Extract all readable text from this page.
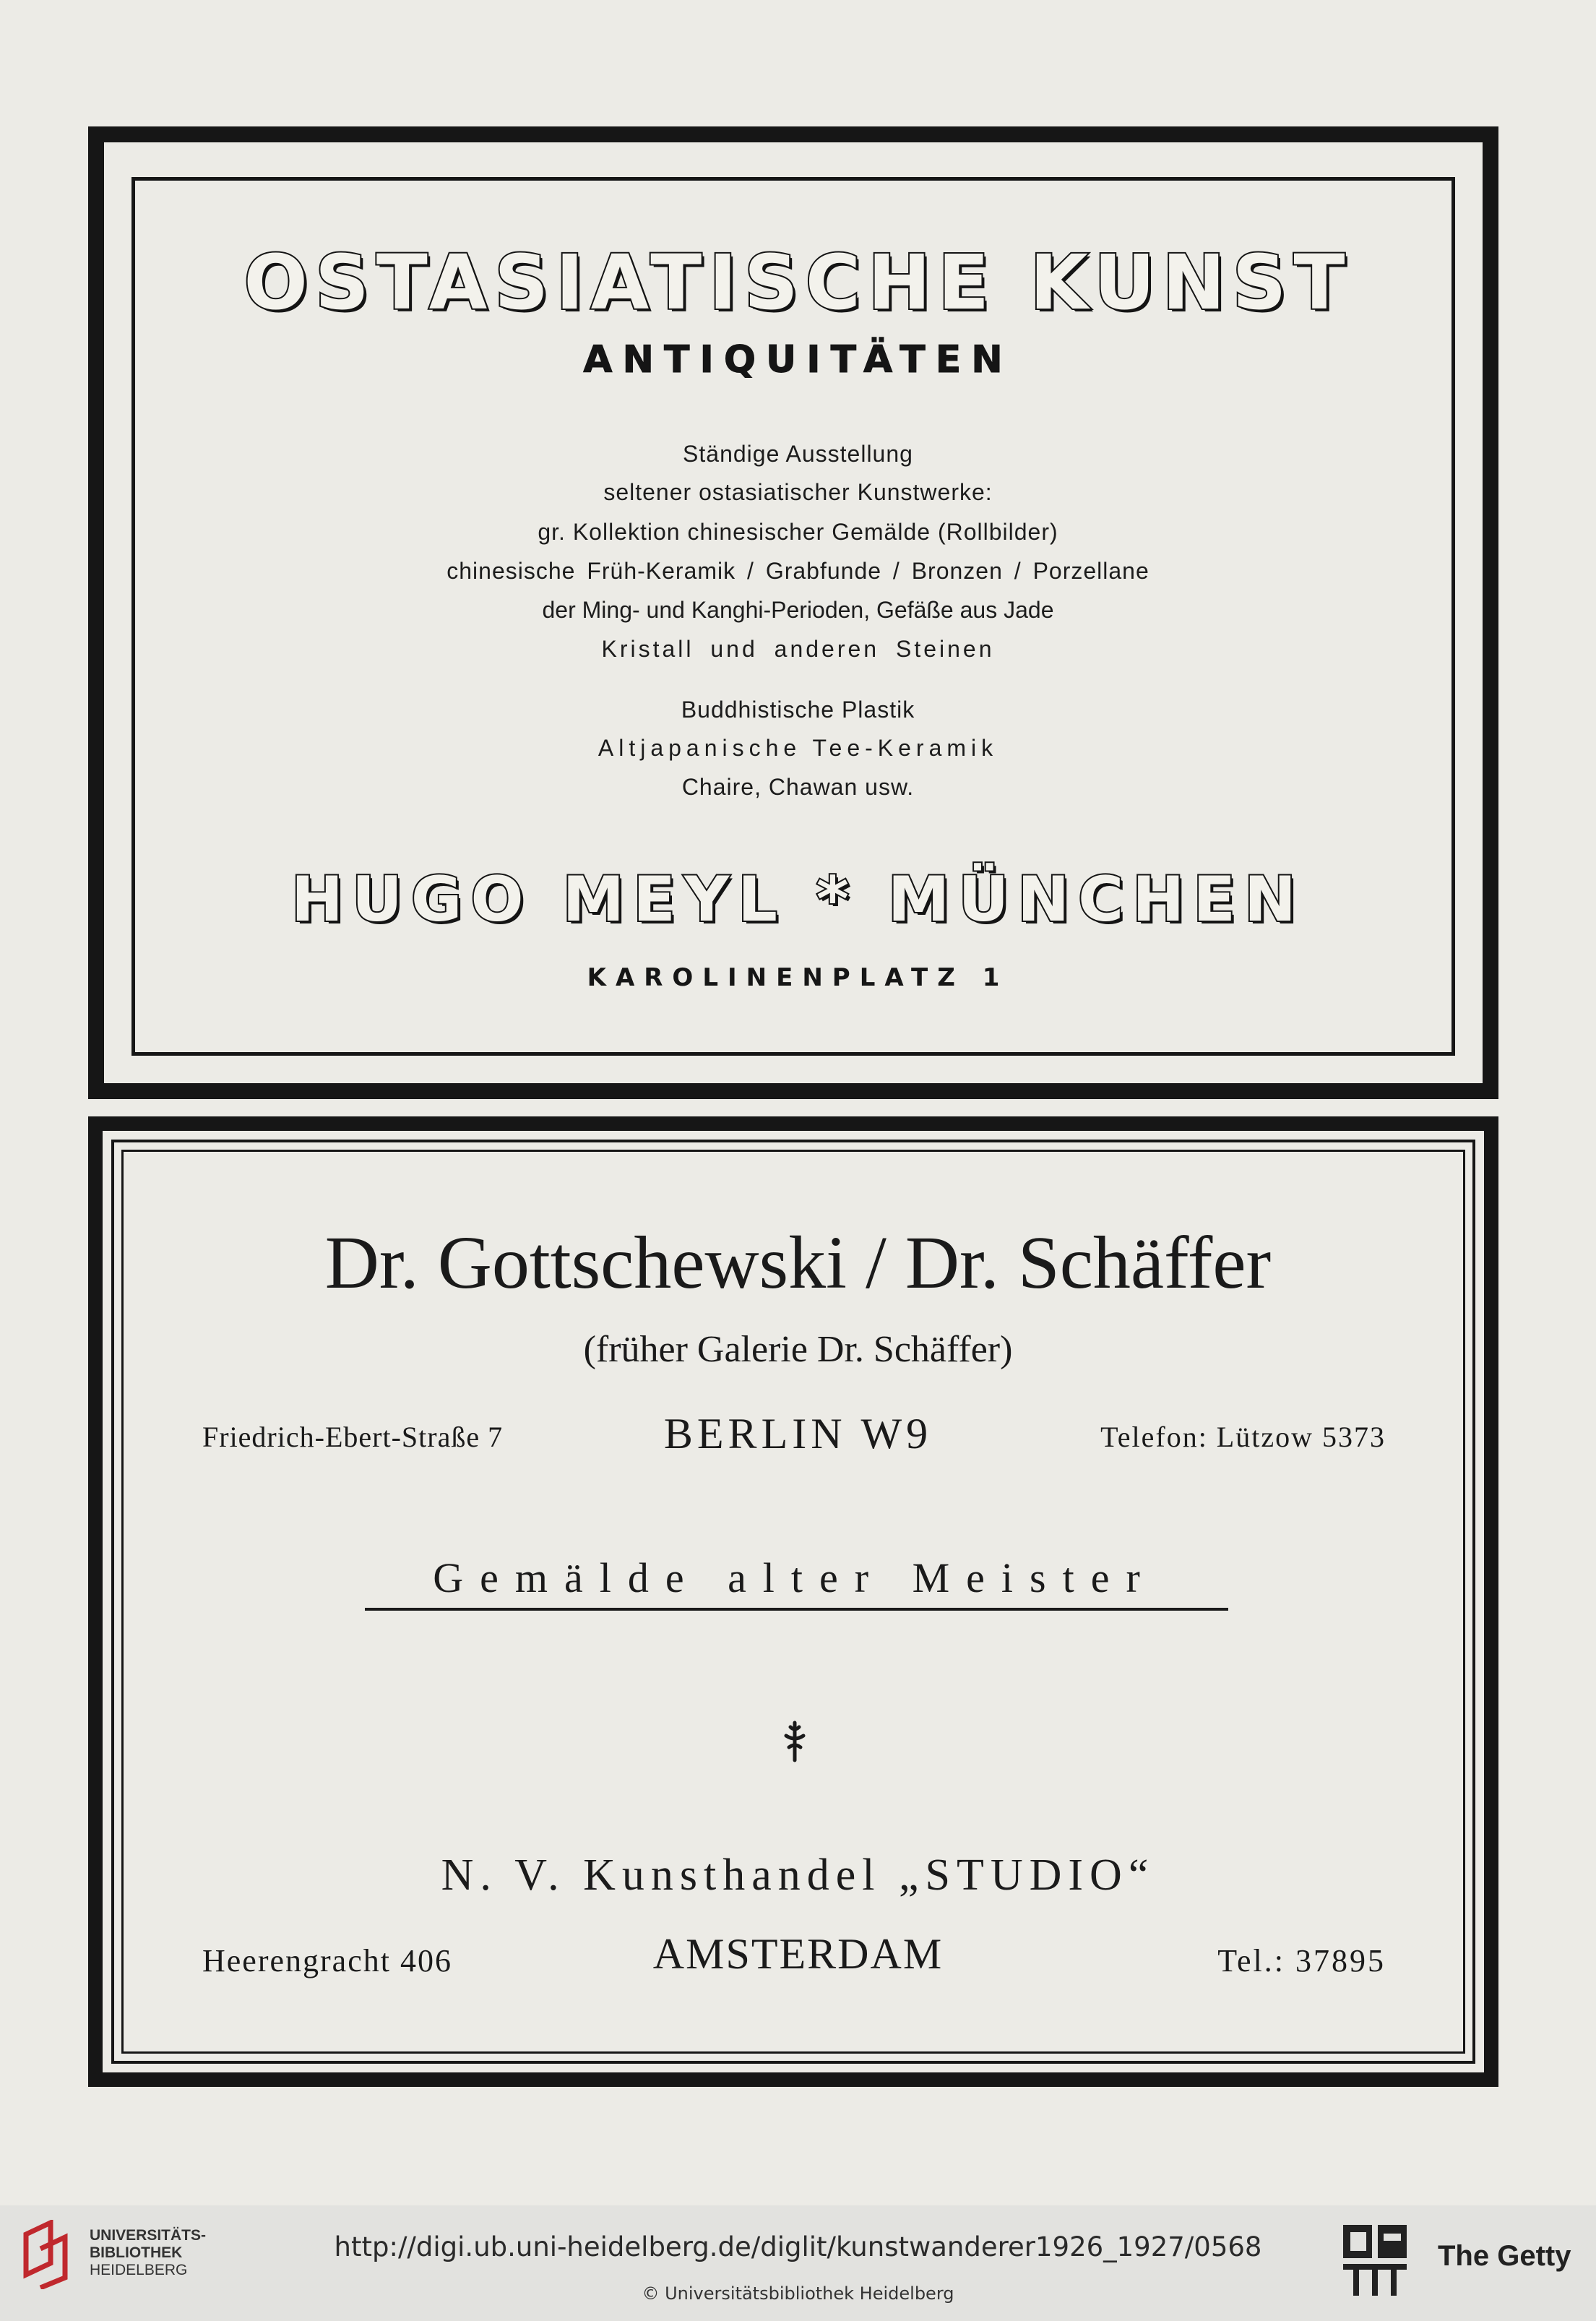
OSTASIATISCHE KUNST
ANTIQUITÄTEN
Ständige Ausstellung
seltener ostasiatischer Kunstwerke:
gr. Kollektion chinesischer Gemälde (Rollbilder)
chinesische Früh-Keramik / Grabfunde / Bronzen / Porzellane
der Ming- und Kanghi-Perioden, Gefäße aus Jade
Kristall und anderen Steinen
Buddhistische Plastik
Altjapanische Tee-Keramik
Chaire, Chawan usw.
HUGO MEYL * MÜNCHEN
KAROLINENPLATZ 1
Dr. Gottschewski / Dr. Schäffer
(früher Galerie Dr. Schäffer)
Friedrich-Ebert-Straße 7	BERLIN W9	Telefon: Lützow 5373
Gemälde alter Meister
N. V. Kunsthandel „STUDIO“
Heerengracht 406	AMSTERDAM	Tel.: 37895
UNIVERSITÄTS-
BIBLIOTHEK
HEIDELBERG
http://digi.ub.uni-heidelberg.de/diglit/kunstwanderer1926_1927/0568
© Universitätsbibliothek Heidelberg
The Getty
